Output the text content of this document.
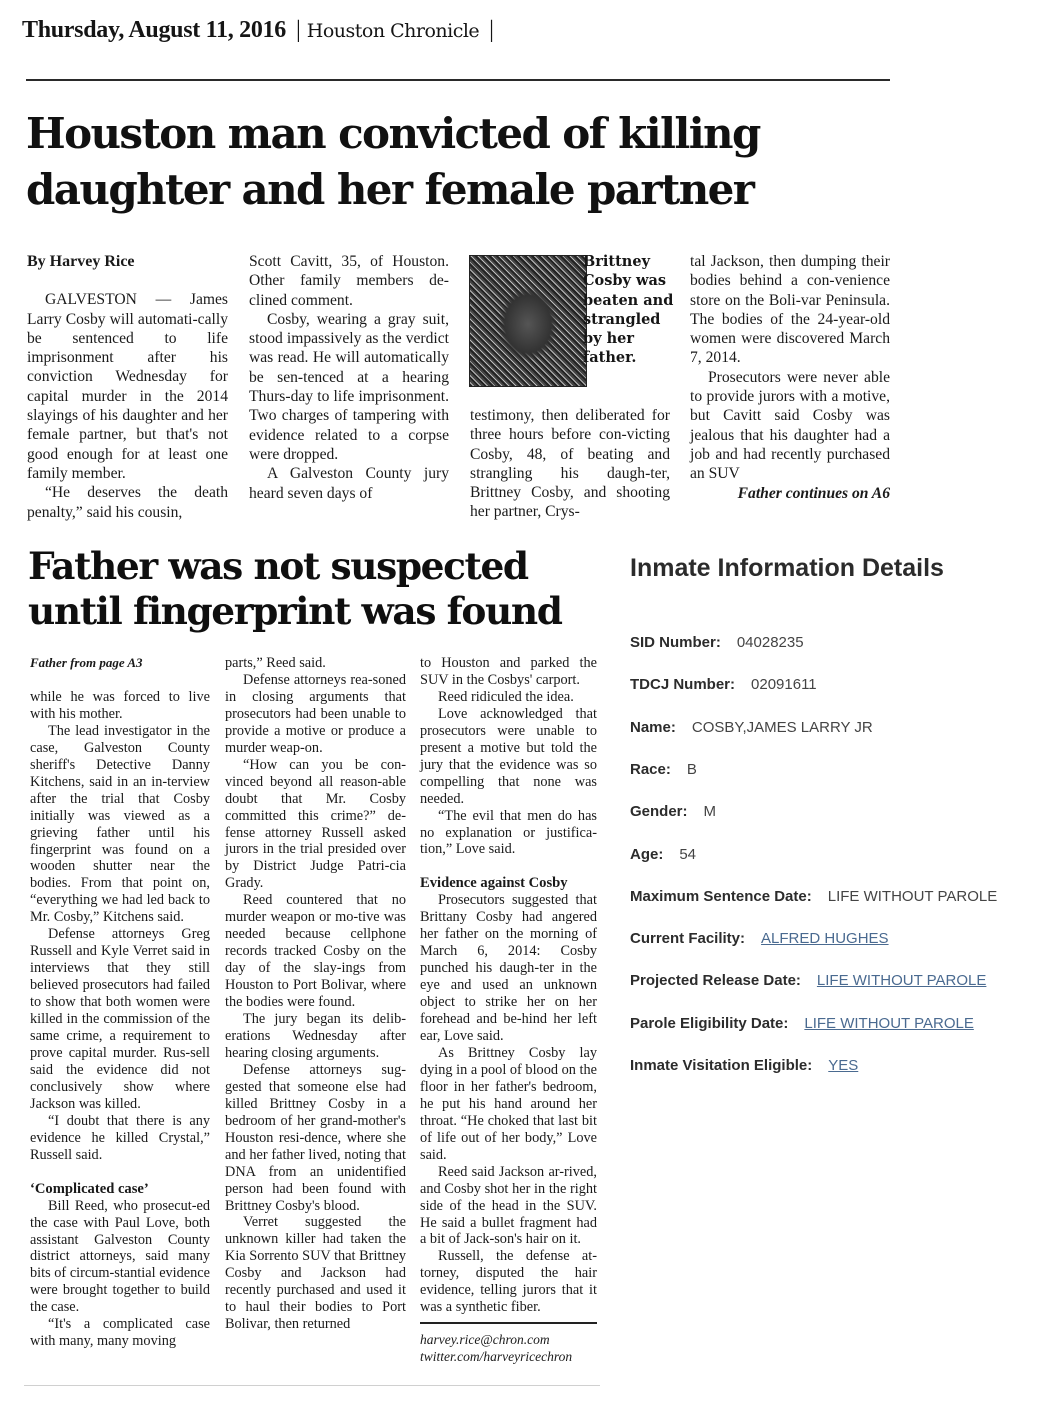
Thursday, August 11, 2016 | Houston Chronicle |
Houston man convicted of killing
daughter and her female partner

By Harvey Rice

GALVESTON — James Larry Cosby will automati-cally be sentenced to life imprisonment after his conviction Wednesday for capital murder in the 2014 slayings of his daughter and her female partner, but that's not good enough for at least one family member.

“He deserves the death penalty,” said his cousin,

Scott Cavitt, 35, of Houston. Other family members de-clined comment.

Cosby, wearing a gray suit, stood impassively as the verdict was read. He will automatically be sen-tenced at a hearing Thurs-day to life imprisonment. Two charges of tampering with evidence related to a corpse were dropped.

A Galveston County jury heard seven days of

Brittney Cosby was beaten and strangled by her father.

testimony, then deliberated for three hours before con-victing Cosby, 48, of beating and strangling his daugh-ter, Brittney Cosby, and shooting her partner, Crys-

tal Jackson, then dumping their bodies behind a con-venience store on the Boli-var Peninsula. The bodies of the 24-year-old women were discovered March 7, 2014.

Prosecutors were never able to provide jurors with a motive, but Cavitt said Cosby was jealous that his daughter had a job and had recently purchased an SUV

Father continues on A6

Father was not suspected
until fingerprint was found

Father from page A3

while he was forced to live with his mother.

The lead investigator in the case, Galveston County sheriff's Detective Danny Kitchens, said in an in-terview after the trial that Cosby initially was viewed as a grieving father until his fingerprint was found on a wooden shutter near the bodies. From that point on, “everything we had led back to Mr. Cosby,” Kitchens said.

Defense attorneys Greg Russell and Kyle Verret said in interviews that they still believed prosecutors had failed to show that both women were killed in the commission of the same crime, a requirement to prove capital murder. Rus-sell said the evidence did not conclusively show where Jackson was killed.

“I doubt that there is any evidence he killed Crystal,” Russell said.

‘Complicated case’

Bill Reed, who prosecut-ed the case with Paul Love, both assistant Galveston County district attorneys, said many bits of circum-stantial evidence were brought together to build the case.

“It's a complicated case with many, many moving

parts,” Reed said.

Defense attorneys rea-soned in closing arguments that prosecutors had been unable to provide a motive or produce a murder weap-on.

“How can you be con-vinced beyond all reason-able doubt that Mr. Cosby committed this crime?” de-fense attorney Russell asked jurors in the trial presided over by District Judge Patri-cia Grady.

Reed countered that no murder weapon or mo-tive was needed because cellphone records tracked Cosby on the day of the slay-ings from Houston to Port Bolivar, where the bodies were found.

The jury began its delib-erations Wednesday after hearing closing arguments.

Defense attorneys sug-gested that someone else had killed Brittney Cosby in a bedroom of her grand-mother's Houston resi-dence, where she and her father lived, noting that DNA from an unidentified person had been found with Brittney Cosby's blood.

Verret suggested the unknown killer had taken the Kia Sorrento SUV that Brittney Cosby and Jackson had recently purchased and used it to haul their bodies to Port Bolivar, then returned

to Houston and parked the SUV in the Cosbys' carport.

Reed ridiculed the idea.

Love acknowledged that prosecutors were unable to present a motive but told the jury that the evidence was so compelling that none was needed.

“The evil that men do has no explanation or justifica-tion,” Love said.

Evidence against Cosby

Prosecutors suggested that Brittany Cosby had angered her father on the morning of March 6, 2014: Cosby punched his daugh-ter in the eye and used an unknown object to strike her on her forehead and be-hind her left ear, Love said.

As Brittney Cosby lay dying in a pool of blood on the floor in her father's bedroom, he put his hand around her throat. “He choked that last bit of life out of her body,” Love said.

Reed said Jackson ar-rived, and Cosby shot her in the right side of the head in the SUV. He said a bullet fragment had a bit of Jack-son's hair on it.

Russell, the defense at-torney, disputed the hair evidence, telling jurors that it was a synthetic fiber.

harvey.rice@chron.com

twitter.com/harveyricechron

Inmate Information Details
SID Number: 04028235
TDCJ Number: 02091611
Name: COSBY,JAMES LARRY JR
Race: B
Gender: M
Age: 54
Maximum Sentence Date: LIFE WITHOUT PAROLE
Current Facility: ALFRED HUGHES
Projected Release Date: LIFE WITHOUT PAROLE
Parole Eligibility Date: LIFE WITHOUT PAROLE
Inmate Visitation Eligible: YES
